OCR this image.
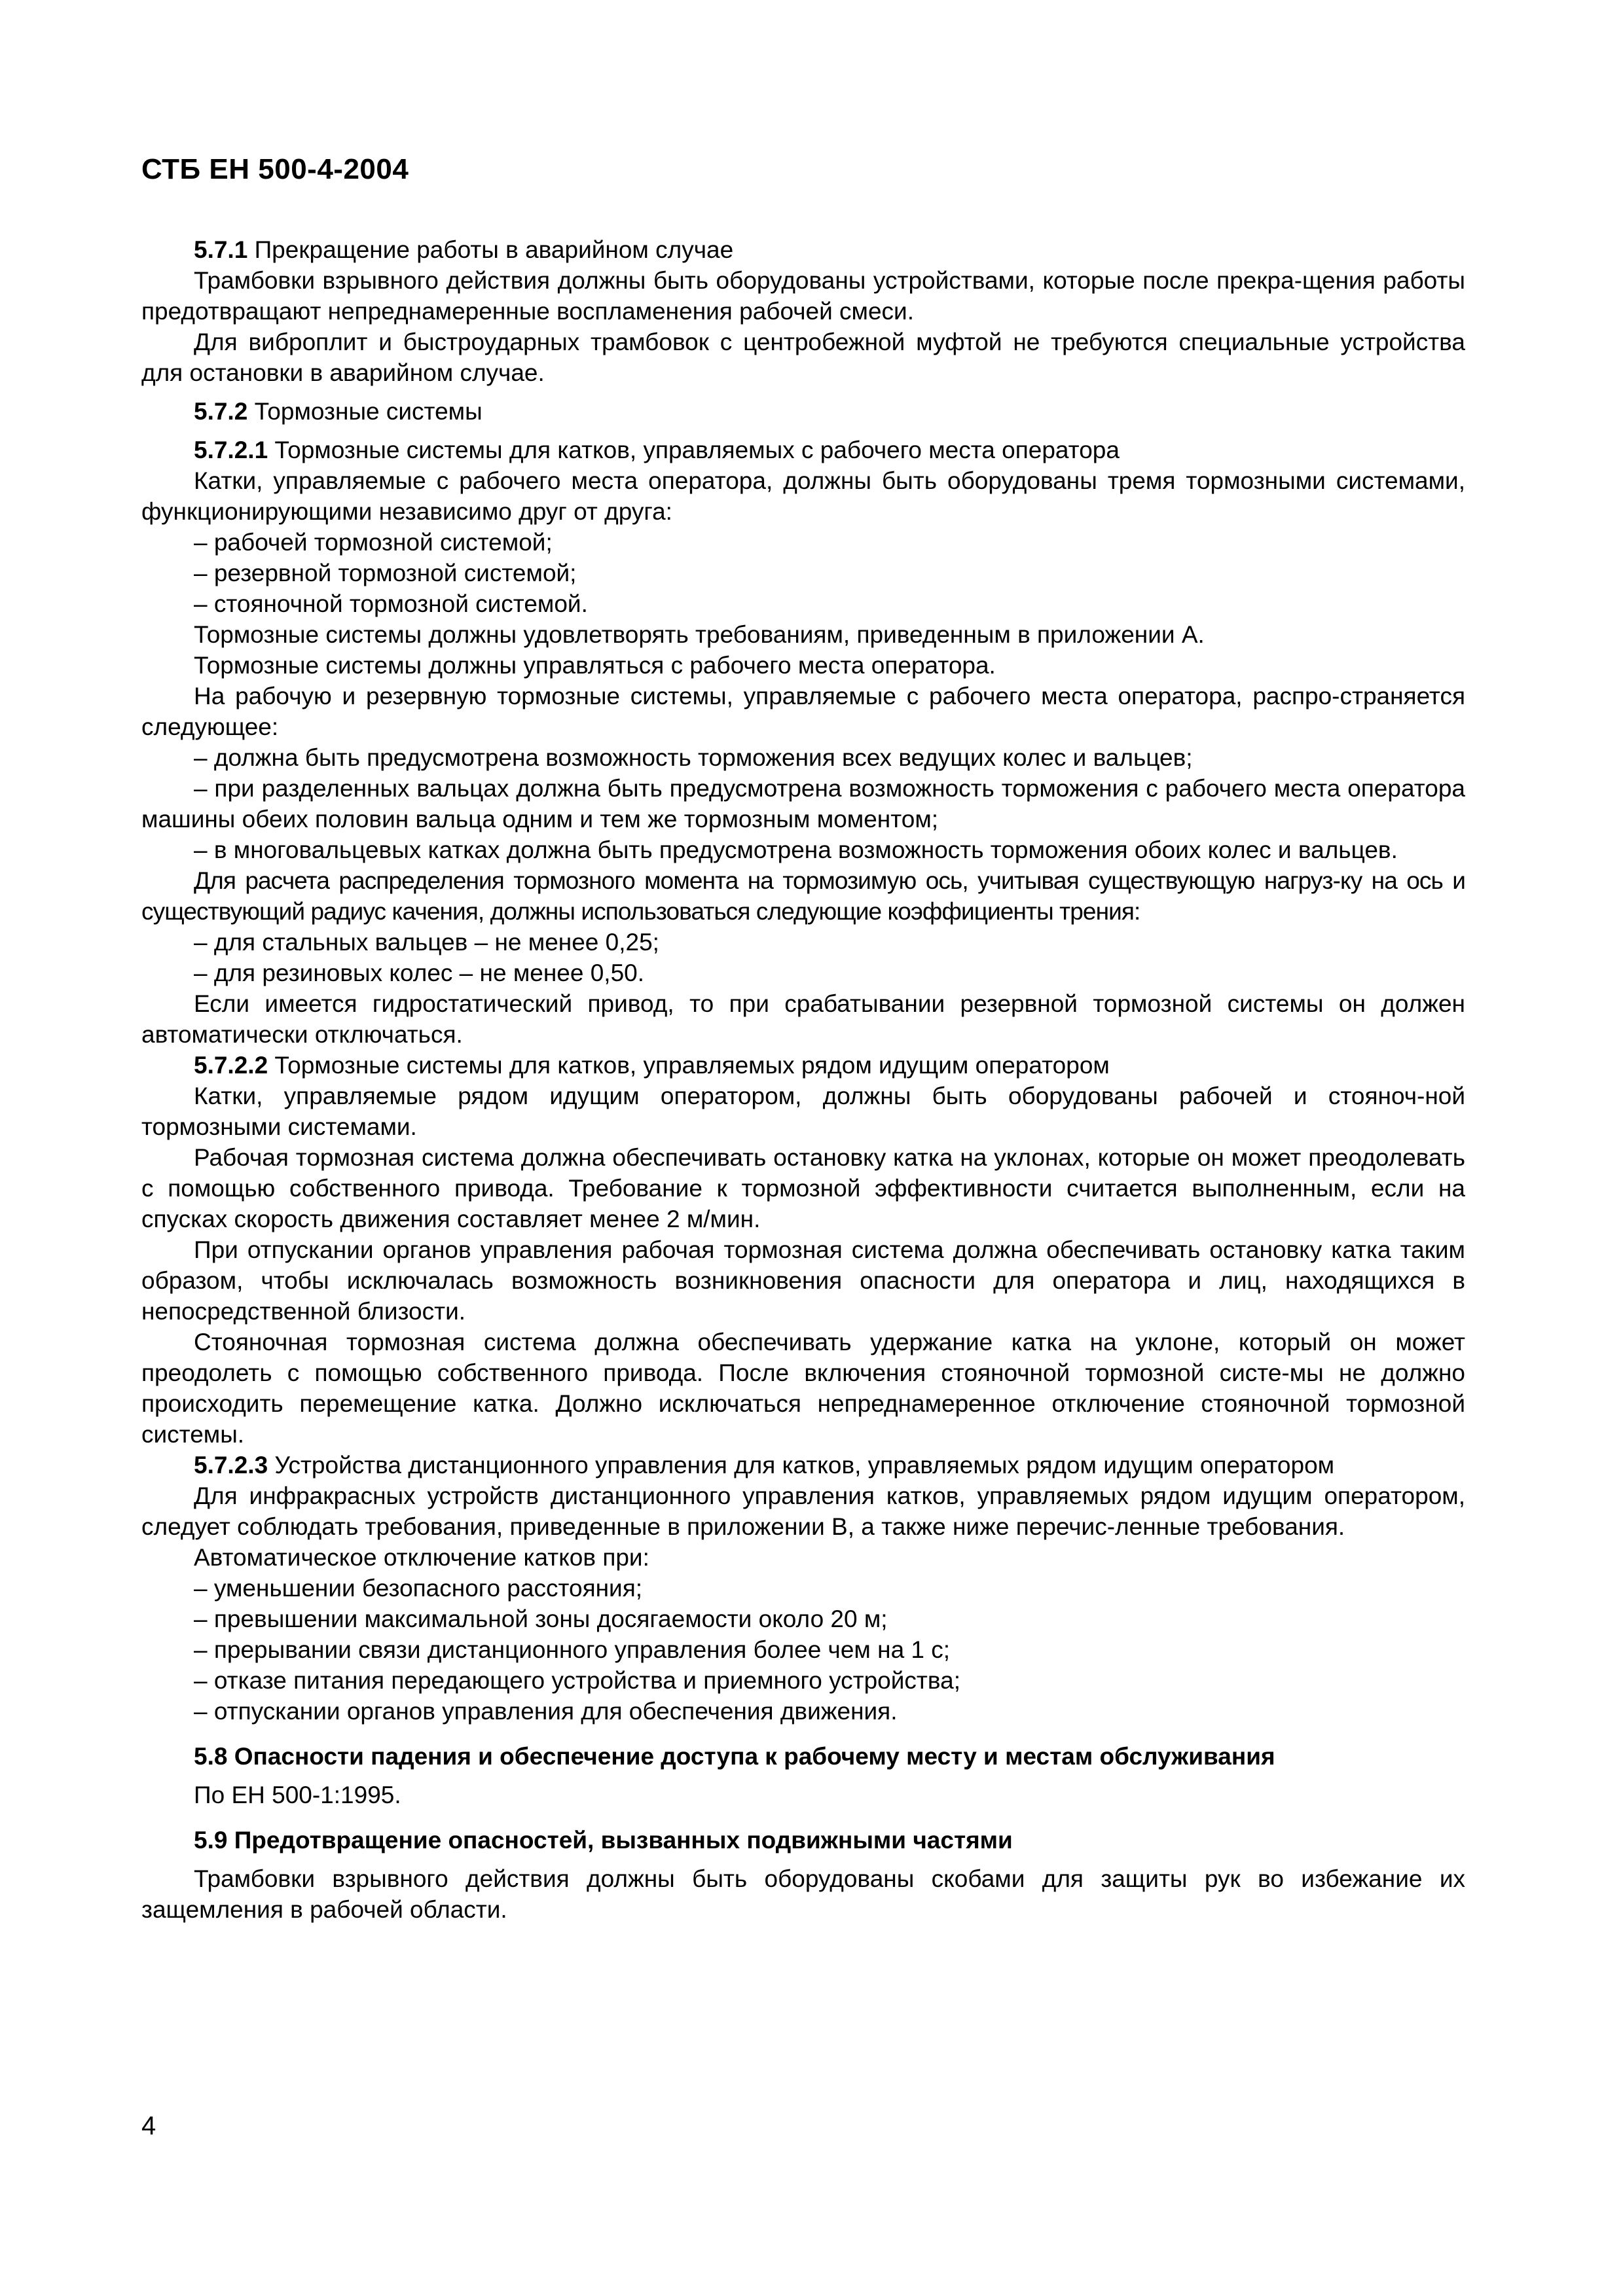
СТБ ЕН 500-4-2004

5.7.1 Прекращение работы в аварийном случае

Трамбовки взрывного действия должны быть оборудованы устройствами, которые после прекра-щения работы предотвращают непреднамеренные воспламенения рабочей смеси.

Для виброплит и быстроударных трамбовок с центробежной муфтой не требуются специальные устройства для остановки в аварийном случае.

5.7.2 Тормозные системы

5.7.2.1 Тормозные системы для катков, управляемых с рабочего места оператора

Катки, управляемые с рабочего места оператора, должны быть оборудованы тремя тормозными системами, функционирующими независимо друг от друга:

– рабочей тормозной системой;

– резервной тормозной системой;

– стояночной тормозной системой.

Тормозные системы должны удовлетворять требованиям, приведенным в приложении А.

Тормозные системы должны управляться с рабочего места оператора.

На рабочую и резервную тормозные системы, управляемые с рабочего места оператора, распро-страняется следующее:

– должна быть предусмотрена возможность торможения всех ведущих колес и вальцев;

– при разделенных вальцах должна быть предусмотрена возможность торможения с рабочего места оператора машины обеих половин вальца одним и тем же тормозным моментом;

– в многовальцевых катках должна быть предусмотрена возможность торможения обоих колес и вальцев.

Для расчета распределения тормозного момента на тормозимую ось, учитывая существующую нагруз-ку на ось и существующий радиус качения, должны использоваться следующие коэффициенты трения:

– для стальных вальцев – не менее 0,25;

– для резиновых колес – не менее 0,50.

Если имеется гидростатический привод, то при срабатывании резервной тормозной системы он должен автоматически отключаться.

5.7.2.2 Тормозные системы для катков, управляемых рядом идущим оператором

Катки, управляемые рядом идущим оператором, должны быть оборудованы рабочей и стояноч-ной тормозными системами.

Рабочая тормозная система должна обеспечивать остановку катка на уклонах, которые он может преодолевать с помощью собственного привода. Требование к тормозной эффективности считается выполненным, если на спусках скорость движения составляет менее 2 м/мин.

При отпускании органов управления рабочая тормозная система должна обеспечивать остановку катка таким образом, чтобы исключалась возможность возникновения опасности для оператора и лиц, находящихся в непосредственной близости.

Стояночная тормозная система должна обеспечивать удержание катка на уклоне, который он может преодолеть с помощью собственного привода. После включения стояночной тормозной систе-мы не должно происходить перемещение катка. Должно исключаться непреднамеренное отключение стояночной тормозной системы.

5.7.2.3 Устройства дистанционного управления для катков, управляемых рядом идущим оператором

Для инфракрасных устройств дистанционного управления катков, управляемых рядом идущим оператором, следует соблюдать требования, приведенные в приложении В, а также ниже перечис-ленные требования.

Автоматическое отключение катков при:

– уменьшении безопасного расстояния;

– превышении максимальной зоны досягаемости около 20 м;

– прерывании связи дистанционного управления более чем на 1 с;

– отказе питания передающего устройства и приемного устройства;

– отпускании органов управления для обеспечения движения.

5.8 Опасности падения и обеспечение доступа к рабочему месту и местам обслуживания

По ЕН 500-1:1995.

5.9 Предотвращение опасностей, вызванных подвижными частями

Трамбовки взрывного действия должны быть оборудованы скобами для защиты рук во избежание их защемления в рабочей области.

4
